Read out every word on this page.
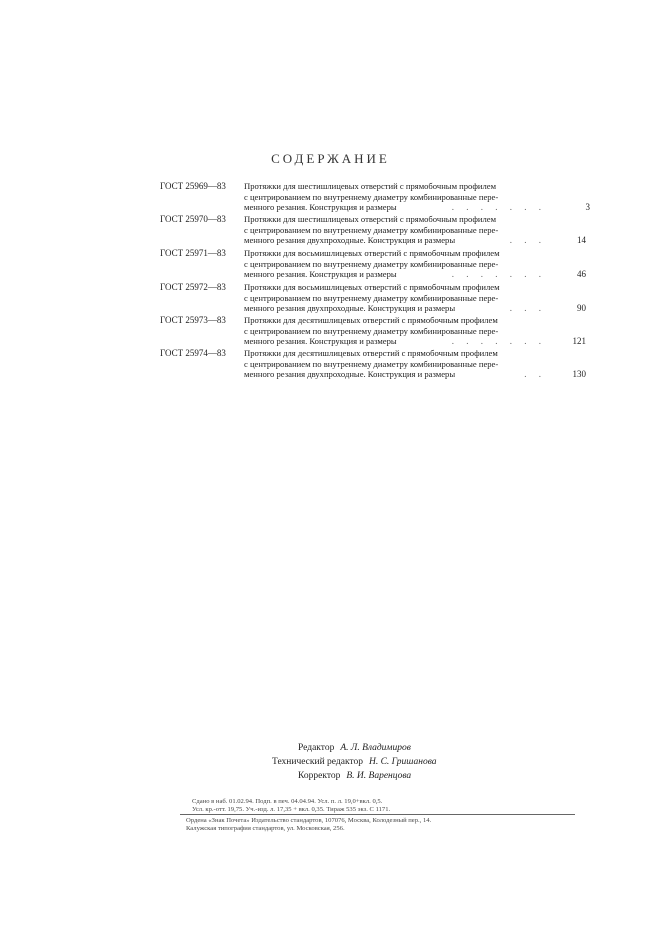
СОДЕРЖАНИЕ
ГОСТ 25969—83	Протяжки для шестишлицевых отверстий с прямобочным профилем
с центрированием по внутреннему диаметру комбинированные пере-
менного резания. Конструкция и размеры	. . . . . . .	3
ГОСТ 25970—83	Протяжки для шестишлицевых отверстий с прямобочным профилем
с центрированием по внутреннему диаметру комбинированные пере-
менного резания двухпроходные. Конструкция и размеры	. . .	14
ГОСТ 25971—83	Протяжки для восьмишлицевых отверстий с прямобочным профилем
с центрированием по внутреннему диаметру комбинированные пере-
менного резания. Конструкция и размеры	. . . . . . .	46
ГОСТ 25972—83	Протяжки для восьмишлицевых отверстий с прямобочным профилем
с центрированием по внутреннему диаметру комбинированные пере-
менного резания двухпроходные. Конструкция и размеры	. . .	90
ГОСТ 25973—83	Протяжки для десятишлицевых отверстий с прямобочным профилем
с центрированием по внутреннему диаметру комбинированные пере-
менного резания. Конструкция и размеры	. . . . . . .	121
ГОСТ 25974—83	Протяжки для десятишлицевых отверстий с прямобочным профилем
с центрированием по внутреннему диаметру комбинированные пере-
менного резания двухпроходные. Конструкция и размеры	. .	130
Редактор А. Л. Владимиров
Технический редактор Н. С. Гришанова
Корректор В. И. Варенцова
Сдано в наб. 01.02.94. Подп. в печ. 04.04.94. Усл. п. л. 19,0+вкл. 0,5.
Усл. кр.-отт. 19,75. Уч.-изд. л. 17,35 + вкл. 0,35. Тираж 535 экз. С 1171.
Ордена «Знак Почета» Издательство стандартов, 107076, Москва, Колодезный пер., 14.
Калужская типография стандартов, ул. Московская, 256.
